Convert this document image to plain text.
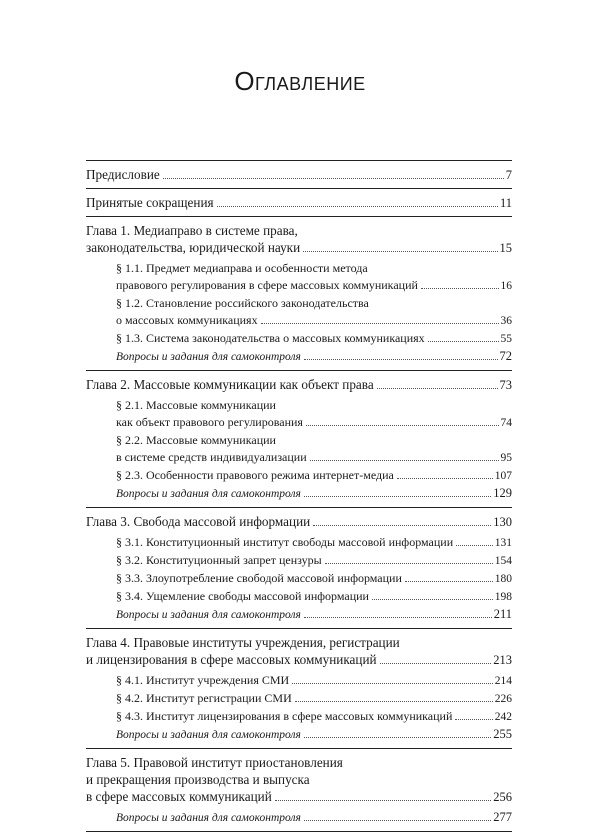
Оглавление
Предисловие	7
Принятые сокращения	11
Глава 1. Медиаправо в системе права,
законодательства, юридической науки	15
§ 1.1. Предмет медиаправа и особенности метода
правового регулирования в сфере массовых коммуникаций	16
§ 1.2. Становление российского законодательства
о массовых коммуникациях	36
§ 1.3. Система законодательства о массовых коммуникациях	55
Вопросы и задания для самоконтроля	72
Глава 2. Массовые коммуникации как объект права	73
§ 2.1. Массовые коммуникации
как объект правового регулирования	74
§ 2.2. Массовые коммуникации
в системе средств индивидуализации	95
§ 2.3. Особенности правового режима интернет-медиа	107
Вопросы и задания для самоконтроля	129
Глава 3. Свобода массовой информации	130
§ 3.1. Конституционный институт свободы массовой информации	131
§ 3.2. Конституционный запрет цензуры	154
§ 3.3. Злоупотребление свободой массовой информации	180
§ 3.4. Ущемление свободы массовой информации	198
Вопросы и задания для самоконтроля	211
Глава 4. Правовые институты учреждения, регистрации
и лицензирования в сфере массовых коммуникаций	213
§ 4.1. Институт учреждения СМИ	214
§ 4.2. Институт регистрации СМИ	226
§ 4.3. Институт лицензирования в сфере массовых коммуникаций	242
Вопросы и задания для самоконтроля	255
Глава 5. Правовой институт приостановления
и прекращения производства и выпуска
в сфере массовых коммуникаций	256
Вопросы и задания для самоконтроля	277
